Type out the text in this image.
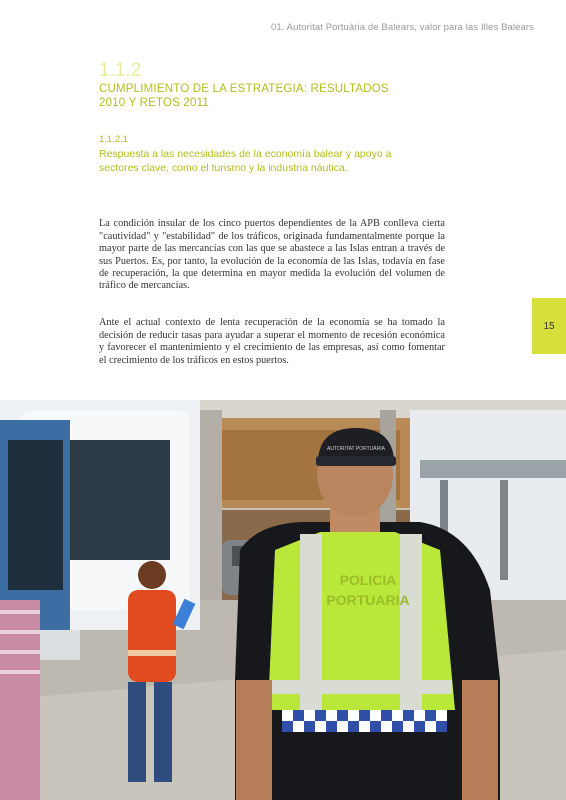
01. Autoritat Portuària de Balears, valor para las Illes Balears
1.1.2
CUMPLIMIENTO DE LA ESTRATEGIA: RESULTADOS 2010 Y RETOS 2011
1.1.2.1
Respuesta a las necesidades de la economía balear y apoyo a sectores clave, como el turismo y la industria náutica.

La condición insular de los cinco puertos dependientes de la APB conlleva cierta "cautividad" y "estabilidad" de los tráficos, originada fundamentalmente porque la mayor parte de las mercancías con las que se abastece a las Islas entran a través de sus Puertos. Es, por tanto, la evolución de la economía de las Islas, todavía en fase de recuperación, la que determina en mayor medida la evolución del volumen de tráfico de mercancías.

Ante el actual contexto de lenta recuperación de la economía se ha tomado la decisión de reducir tasas para ayudar a superar el momento de recesión económica y favorecer el mantenimiento y el crecimiento de las empresas, así como fomentar el crecimiento de los tráficos en estos puertos.

15
AUTORITAT PORTUÀRIA
POLICIA
PORTUARIA
